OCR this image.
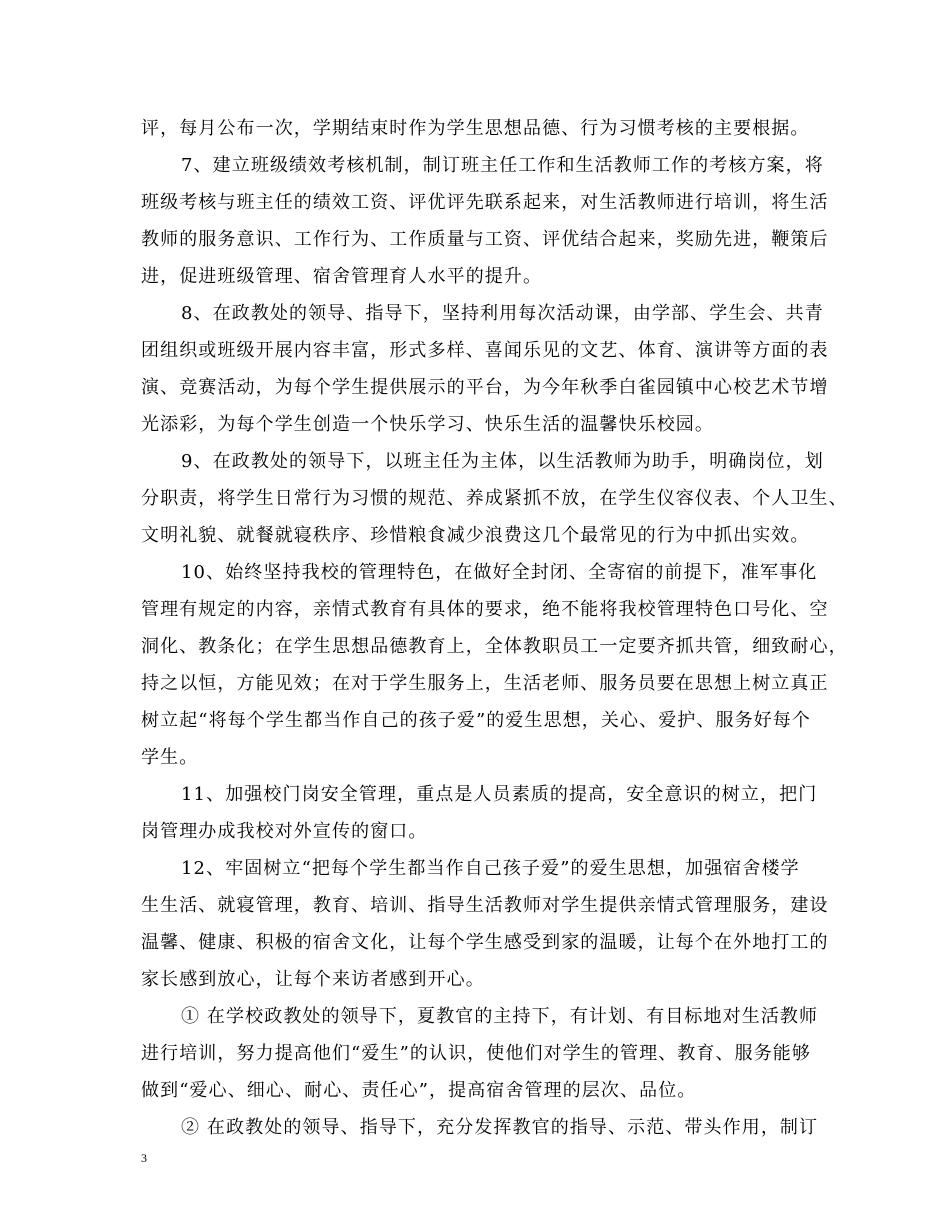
评，每月公布一次，学期结束时作为学生思想品德、行为习惯考核的主要根据。
7、建立班级绩效考核机制，制订班主任工作和生活教师工作的考核方案，将
班级考核与班主任的绩效工资、评优评先联系起来，对生活教师进行培训，将生活
教师的服务意识、工作行为、工作质量与工资、评优结合起来，奖励先进，鞭策后
进，促进班级管理、宿舍管理育人水平的提升。
8、在政教处的领导、指导下，坚持利用每次活动课，由学部、学生会、共青
团组织或班级开展内容丰富，形式多样、喜闻乐见的文艺、体育、演讲等方面的表
演、竞赛活动，为每个学生提供展示的平台，为今年秋季白雀园镇中心校艺术节增
光添彩，为每个学生创造一个快乐学习、快乐生活的温馨快乐校园。
9、在政教处的领导下，以班主任为主体，以生活教师为助手，明确岗位，划
分职责，将学生日常行为习惯的规范、养成紧抓不放，在学生仪容仪表、个人卫生、
文明礼貌、就餐就寝秩序、珍惜粮食减少浪费这几个最常见的行为中抓出实效。
10、始终坚持我校的管理特色，在做好全封闭、全寄宿的前提下，准军事化
管理有规定的内容，亲情式教育有具体的要求，绝不能将我校管理特色口号化、空
洞化、教条化；在学生思想品德教育上，全体教职员工一定要齐抓共管，细致耐心，
持之以恒，方能见效；在对于学生服务上，生活老师、服务员要在思想上树立真正
树立起“将每个学生都当作自己的孩子爱”的爱生思想，关心、爱护、服务好每个
学生。
11、加强校门岗安全管理，重点是人员素质的提高，安全意识的树立，把门
岗管理办成我校对外宣传的窗口。
12、牢固树立“把每个学生都当作自己孩子爱”的爱生思想，加强宿舍楼学
生生活、就寝管理，教育、培训、指导生活教师对学生提供亲情式管理服务，建设
温馨、健康、积极的宿舍文化，让每个学生感受到家的温暖，让每个在外地打工的
家长感到放心，让每个来访者感到开心。
① 在学校政教处的领导下，夏教官的主持下，有计划、有目标地对生活教师
进行培训，努力提高他们“爱生”的认识，使他们对学生的管理、教育、服务能够
做到“爱心、细心、耐心、责任心”，提高宿舍管理的层次、品位。
② 在政教处的领导、指导下，充分发挥教官的指导、示范、带头作用，制订
3
